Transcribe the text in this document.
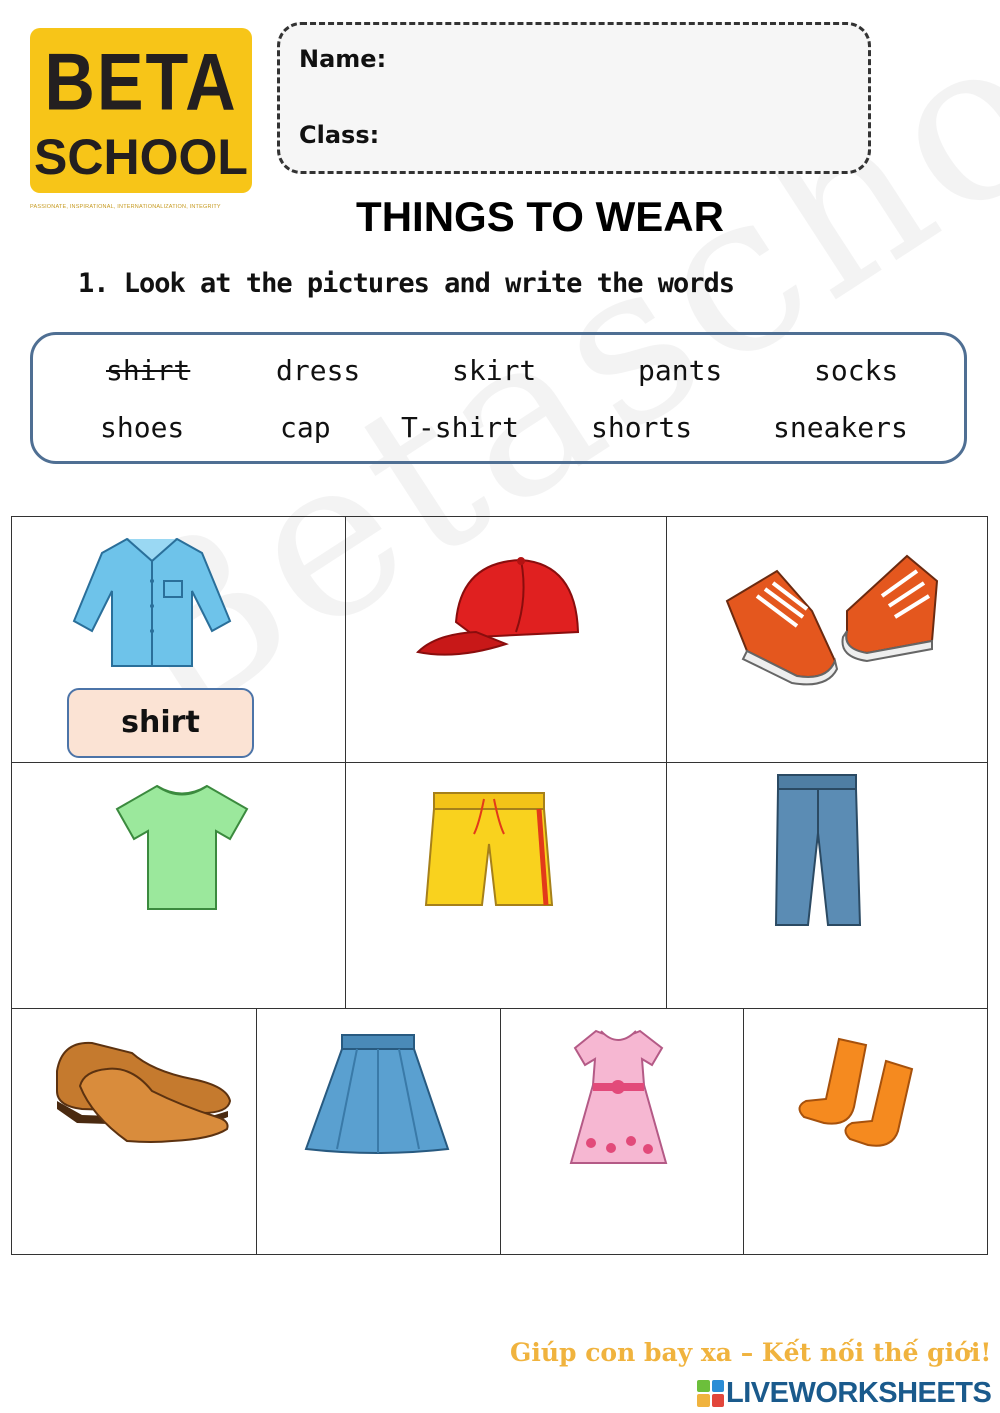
BETA
SCHOOL
PASSIONATE, INSPIRATIONAL, INTERNATIONALIZATION, INTEGRITY
Name:
Class:
THINGS TO WEAR
1. Look at the pictures and write the words
shirt	dress	skirt	pants	socks
shoes	cap	T-shirt	shorts	sneakers
shirt
Giúp con bay xa – Kết nối thế giới!
LIVEWORKSHEETS
